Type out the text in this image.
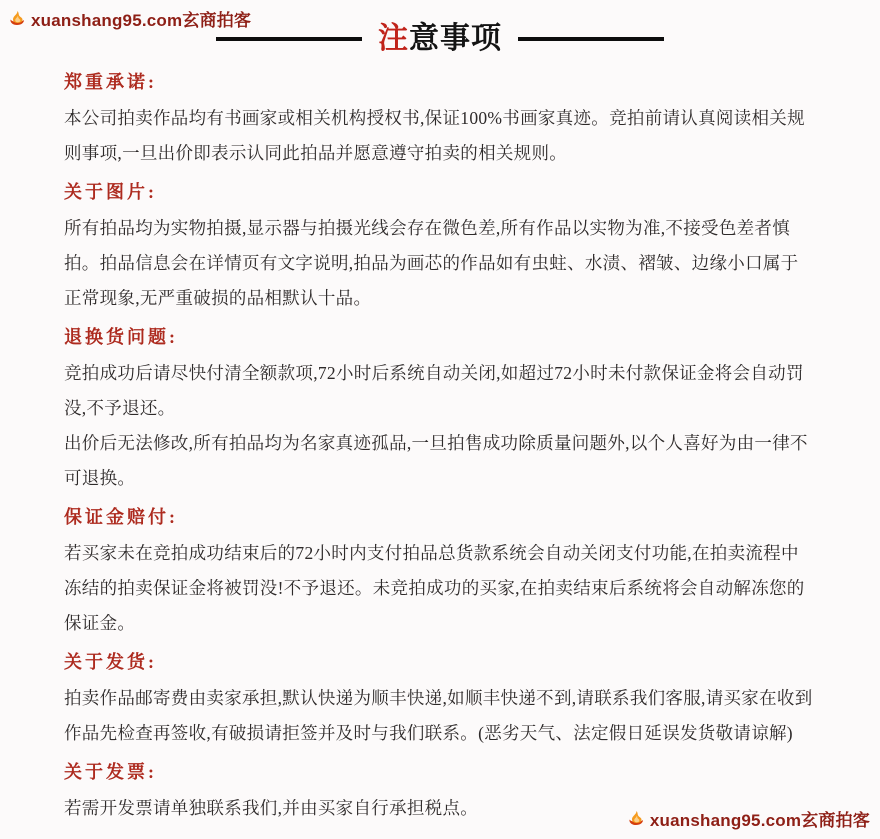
xuanshang95.com玄商拍客
注意事项
郑重承诺:

本公司拍卖作品均有书画家或相关机构授权书,保证100%书画家真迹。竞拍前请认真阅读相关规则事项,一旦出价即表示认同此拍品并愿意遵守拍卖的相关规则。

关于图片:

所有拍品均为实物拍摄,显示器与拍摄光线会存在微色差,所有作品以实物为准,不接受色差者慎拍。拍品信息会在详情页有文字说明,拍品为画芯的作品如有虫蛀、水渍、褶皱、边缘小口属于正常现象,无严重破损的品相默认十品。

退换货问题:

竞拍成功后请尽快付清全额款项,72小时后系统自动关闭,如超过72小时未付款保证金将会自动罚没,不予退还。

出价后无法修改,所有拍品均为名家真迹孤品,一旦拍售成功除质量问题外,以个人喜好为由一律不可退换。

保证金赔付:

若买家未在竞拍成功结束后的72小时内支付拍品总货款系统会自动关闭支付功能,在拍卖流程中冻结的拍卖保证金将被罚没!不予退还。未竞拍成功的买家,在拍卖结束后系统将会自动解冻您的保证金。

关于发货:

拍卖作品邮寄费由卖家承担,默认快递为顺丰快递,如顺丰快递不到,请联系我们客服,请买家在收到作品先检查再签收,有破损请拒签并及时与我们联系。(恶劣天气、法定假日延误发货敬请谅解)

关于发票:

若需开发票请单独联系我们,并由买家自行承担税点。

xuanshang95.com玄商拍客
